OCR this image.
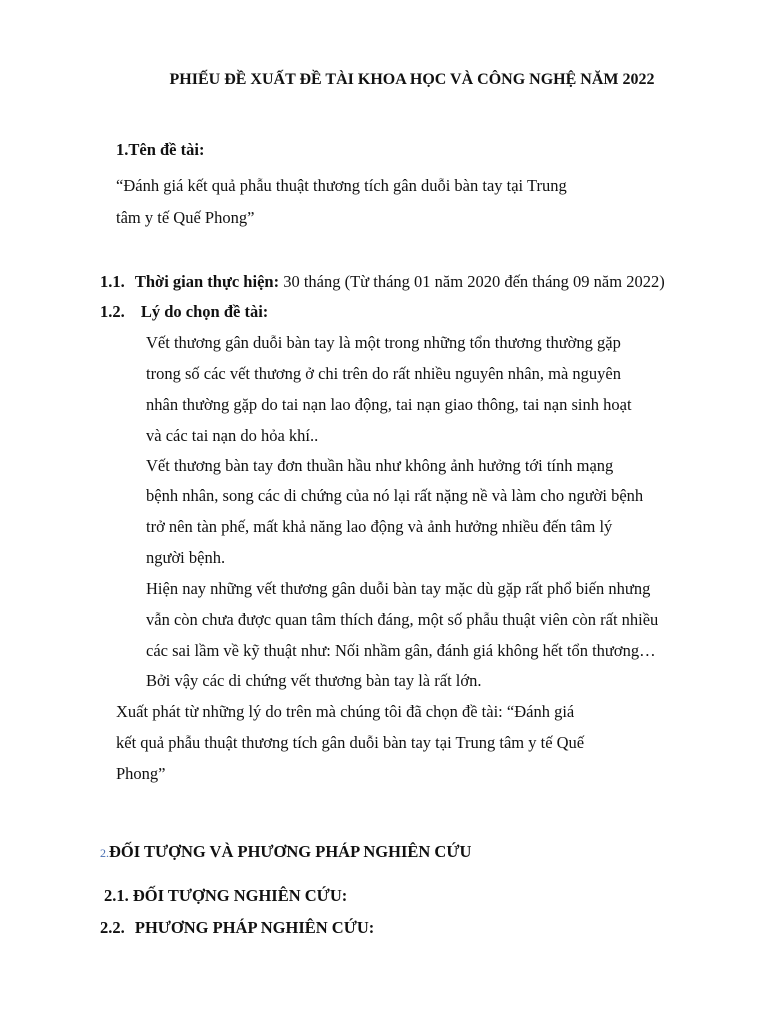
PHIẾU ĐỀ XUẤT ĐỀ TÀI KHOA HỌC VÀ CÔNG NGHỆ NĂM 2022
1.Tên đề tài:
“Đánh giá kết quả phẫu thuật thương tích gân duỗi bàn tay tại Trung
tâm y tế Quế Phong”
1.1. Thời gian thực hiện: 30 tháng (Từ tháng 01 năm 2020 đến tháng 09 năm 2022)
1.2. Lý do chọn đề tài:
Vết thương gân duỗi bàn tay là một trong những tổn thương thường gặp
trong số các vết thương ở chi trên do rất nhiều nguyên nhân, mà nguyên
nhân thường gặp do tai nạn lao động, tai nạn giao thông, tai nạn sinh hoạt
và các tai nạn do hỏa khí..
Vết thương bàn tay đơn thuần hầu như không ảnh hưởng tới tính mạng
bệnh nhân, song các di chứng của nó lại rất nặng nề và làm cho người bệnh
trở nên tàn phế, mất khả năng lao động và ảnh hưởng nhiều đến tâm lý
người bệnh.
Hiện nay những vết thương gân duỗi bàn tay mặc dù gặp rất phổ biến nhưng
vẫn còn chưa được quan tâm thích đáng, một số phẫu thuật viên còn rất nhiều
các sai lầm về kỹ thuật như: Nối nhầm gân, đánh giá không hết tổn thương…
Bởi vậy các di chứng vết thương bàn tay là rất lớn.
Xuất phát từ những lý do trên mà chúng tôi đã chọn đề tài: “Đánh giá
kết quả phẫu thuật thương tích gân duỗi bàn tay tại Trung tâm y tế Quế
Phong”
2.ĐỐI TƯỢNG VÀ PHƯƠNG PHÁP NGHIÊN CỨU
2.1. ĐỐI TƯỢNG NGHIÊN CỨU:
2.2. PHƯƠNG PHÁP NGHIÊN CỨU:
